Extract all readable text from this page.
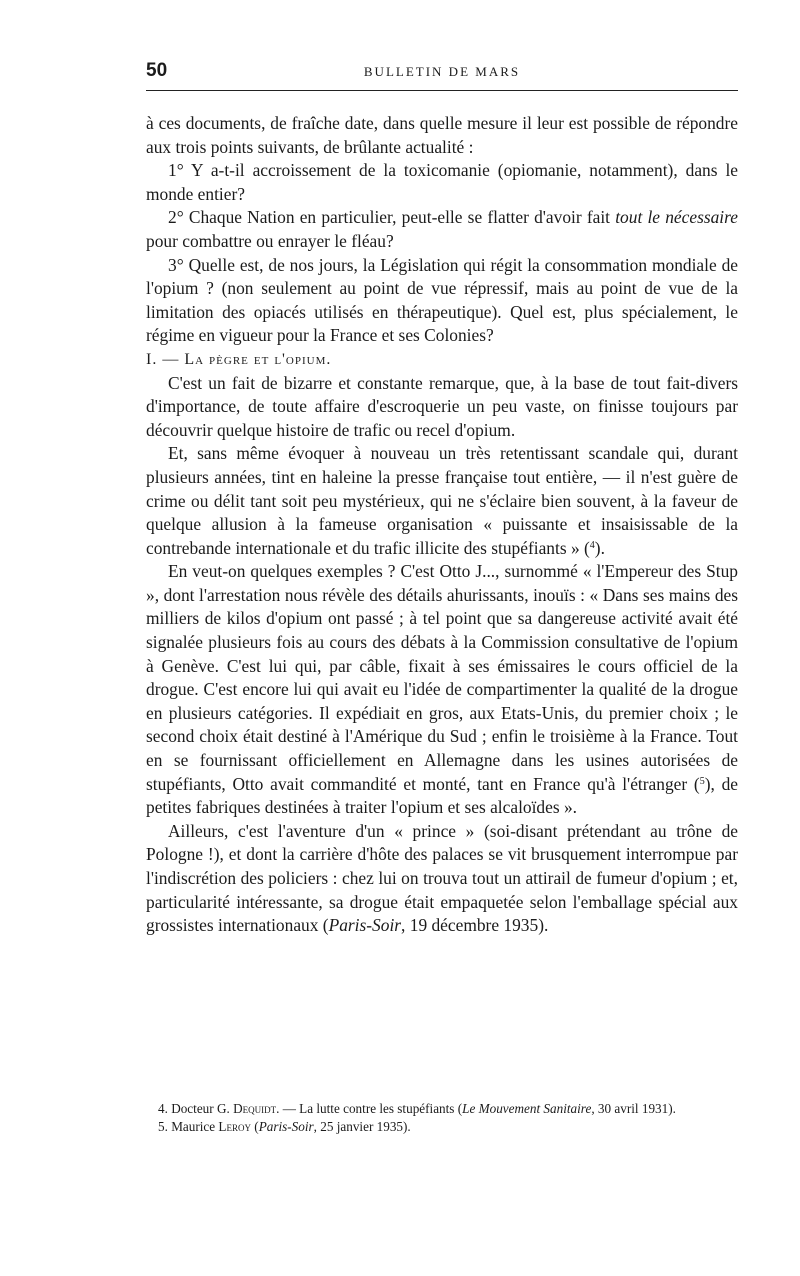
50	BULLETIN DE MARS

à ces documents, de fraîche date, dans quelle mesure il leur est possible de répondre aux trois points suivants, de brûlante actualité :

1° Y a-t-il accroissement de la toxicomanie (opiomanie, notamment), dans le monde entier?

2° Chaque Nation en particulier, peut-elle se flatter d'avoir fait tout le nécessaire pour combattre ou enrayer le fléau?

3° Quelle est, de nos jours, la Législation qui régit la consommation mondiale de l'opium ? (non seulement au point de vue répressif, mais au point de vue de la limitation des opiacés utilisés en thérapeutique). Quel est, plus spécialement, le régime en vigueur pour la France et ses Colonies?

I. — La pègre et l'opium.

C'est un fait de bizarre et constante remarque, que, à la base de tout fait-divers d'importance, de toute affaire d'escroquerie un peu vaste, on finisse toujours par découvrir quelque histoire de trafic ou recel d'opium.

Et, sans même évoquer à nouveau un très retentissant scandale qui, durant plusieurs années, tint en haleine la presse française tout entière, — il n'est guère de crime ou délit tant soit peu mystérieux, qui ne s'éclaire bien souvent, à la faveur de quelque allusion à la fameuse organisation « puissante et insaisissable de la contrebande internationale et du trafic illicite des stupéfiants » ($^4$).

En veut-on quelques exemples ? C'est Otto J..., surnommé « l'Empereur des Stup », dont l'arrestation nous révèle des détails ahurissants, inouïs : « Dans ses mains des milliers de kilos d'opium ont passé ; à tel point que sa dangereuse activité avait été signalée plusieurs fois au cours des débats à la Commission consultative de l'opium à Genève. C'est lui qui, par câble, fixait à ses émissaires le cours officiel de la drogue. C'est encore lui qui avait eu l'idée de compartimenter la qualité de la drogue en plusieurs catégories. Il expédiait en gros, aux Etats-Unis, du premier choix ; le second choix était destiné à l'Amérique du Sud ; enfin le troisième à la France. Tout en se fournissant officiellement en Allemagne dans les usines autorisées de stupéfiants, Otto avait commandité et monté, tant en France qu'à l'étranger ($^5$), de petites fabriques destinées à traiter l'opium et ses alcaloïdes ».

Ailleurs, c'est l'aventure d'un « prince » (soi-disant prétendant au trône de Pologne !), et dont la carrière d'hôte des palaces se vit brusquement interrompue par l'indiscrétion des policiers : chez lui on trouva tout un attirail de fumeur d'opium ; et, particularité intéressante, sa drogue était empaquetée selon l'emballage spécial aux grossistes internationaux (Paris-Soir, 19 décembre 1935).

4. Docteur G. Dequidt. — La lutte contre les stupéfiants (Le Mouvement Sanitaire, 30 avril 1931).

5. Maurice Leroy (Paris-Soir, 25 janvier 1935).
